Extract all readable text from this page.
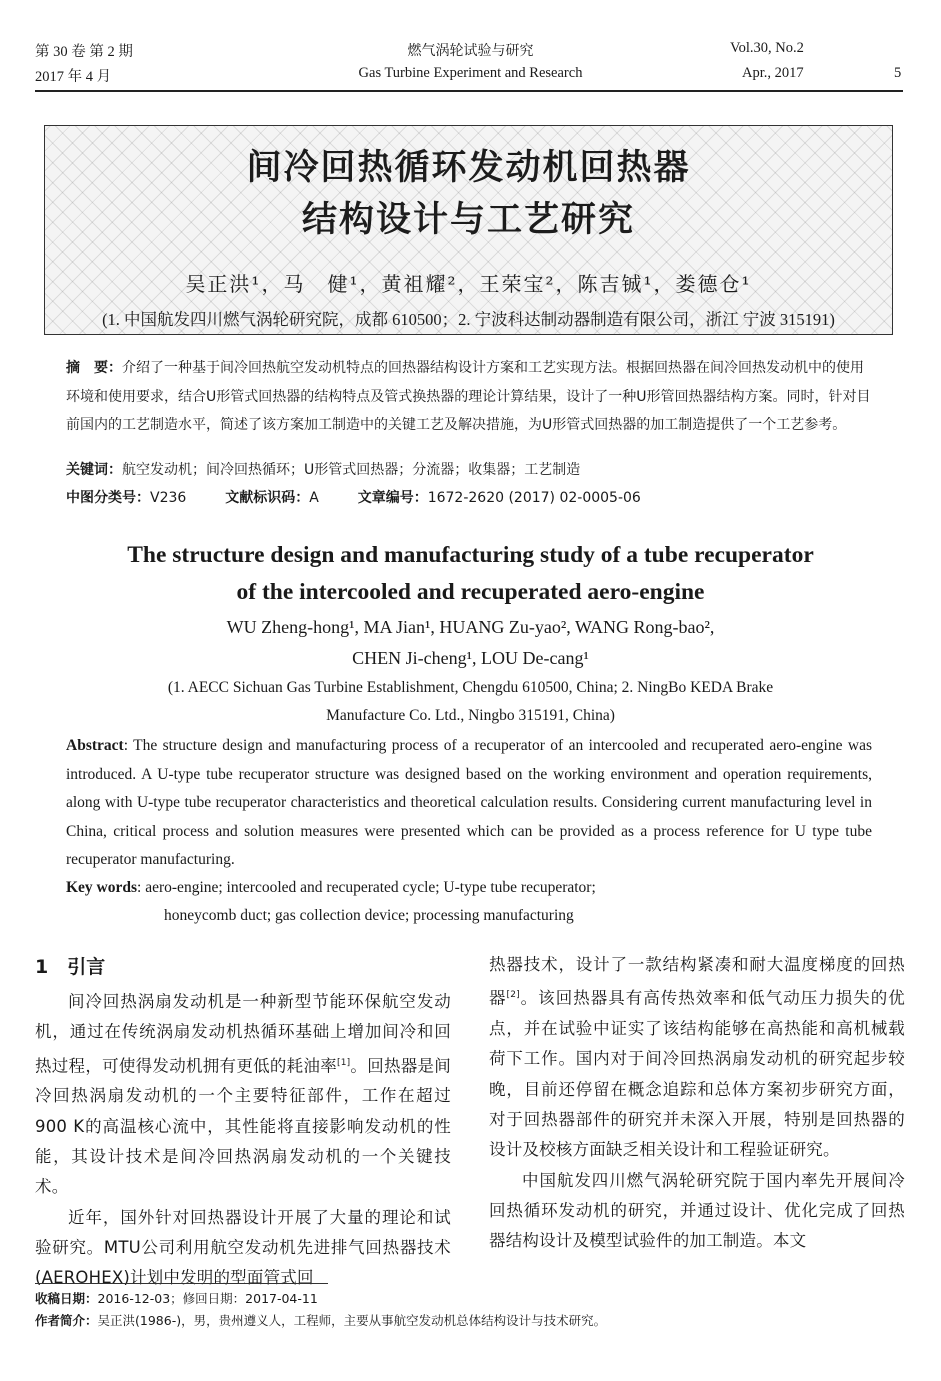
第 30 卷 第 2 期
2017 年 4 月
燃气涡轮试验与研究
Gas Turbine Experiment and Research
Vol.30, No.2
Apr., 2017	5
间冷回热循环发动机回热器
结构设计与工艺研究
吴正洪¹，马　健¹，黄祖耀²，王荣宝²，陈吉铖¹，娄德仓¹
(1. 中国航发四川燃气涡轮研究院，成都 610500；2. 宁波科达制动器制造有限公司，浙江 宁波 315191)
摘　要：介绍了一种基于间冷回热航空发动机特点的回热器结构设计方案和工艺实现方法。根据回热器在间冷回热发动机中的使用环境和使用要求，结合U形管式回热器的结构特点及管式换热器的理论计算结果，设计了一种U形管回热器结构方案。同时，针对目前国内的工艺制造水平，简述了该方案加工制造中的关键工艺及解决措施，为U形管式回热器的加工制造提供了一个工艺参考。
关键词：航空发动机；间冷回热循环；U形管式回热器；分流器；收集器；工艺制造
中图分类号：V236	文献标识码：A	文章编号：1672-2620 (2017) 02-0005-06
The structure design and manufacturing study of a tube recuperator
of the intercooled and recuperated aero-engine
WU Zheng-hong¹, MA Jian¹, HUANG Zu-yao², WANG Rong-bao²,
CHEN Ji-cheng¹, LOU De-cang¹
(1. AECC Sichuan Gas Turbine Establishment, Chengdu 610500, China; 2. NingBo KEDA Brake
Manufacture Co. Ltd., Ningbo 315191, China)
Abstract: The structure design and manufacturing process of a recuperator of an intercooled and recuperated aero-engine was introduced. A U-type tube recuperator structure was designed based on the working environment and operation requirements, along with U-type tube recuperator characteristics and theoretical calculation results. Considering current manufacturing level in China, critical process and solution measures were presented which can be provided as a process reference for U type tube recuperator manufacturing.
Key words: aero-engine; intercooled and recuperated cycle; U-type tube recuperator;
honeycomb duct; gas collection device; processing manufacturing
1　引言

间冷回热涡扇发动机是一种新型节能环保航空发动机，通过在传统涡扇发动机热循环基础上增加间冷和回热过程，可使得发动机拥有更低的耗油率[1]。回热器是间冷回热涡扇发动机的一个主要特征部件，工作在超过900 K的高温核心流中，其性能将直接影响发动机的性能，其设计技术是间冷回热涡扇发动机的一个关键技术。

近年，国外针对回热器设计开展了大量的理论和试验研究。MTU公司利用航空发动机先进排气回热器技术(AEROHEX)计划中发明的型面管式回

热器技术，设计了一款结构紧凑和耐大温度梯度的回热器[2]。该回热器具有高传热效率和低气动压力损失的优点，并在试验中证实了该结构能够在高热能和高机械载荷下工作。国内对于间冷回热涡扇发动机的研究起步较晚，目前还停留在概念追踪和总体方案初步研究方面，对于回热器部件的研究并未深入开展，特别是回热器的设计及校核方面缺乏相关设计和工程验证研究。

中国航发四川燃气涡轮研究院于国内率先开展间冷回热循环发动机的研究，并通过设计、优化完成了回热器结构设计及模型试验件的加工制造。本文

收稿日期：2016-12-03；修回日期：2017-04-11
作者简介：吴正洪(1986-)，男，贵州遵义人，工程师，主要从事航空发动机总体结构设计与技术研究。
